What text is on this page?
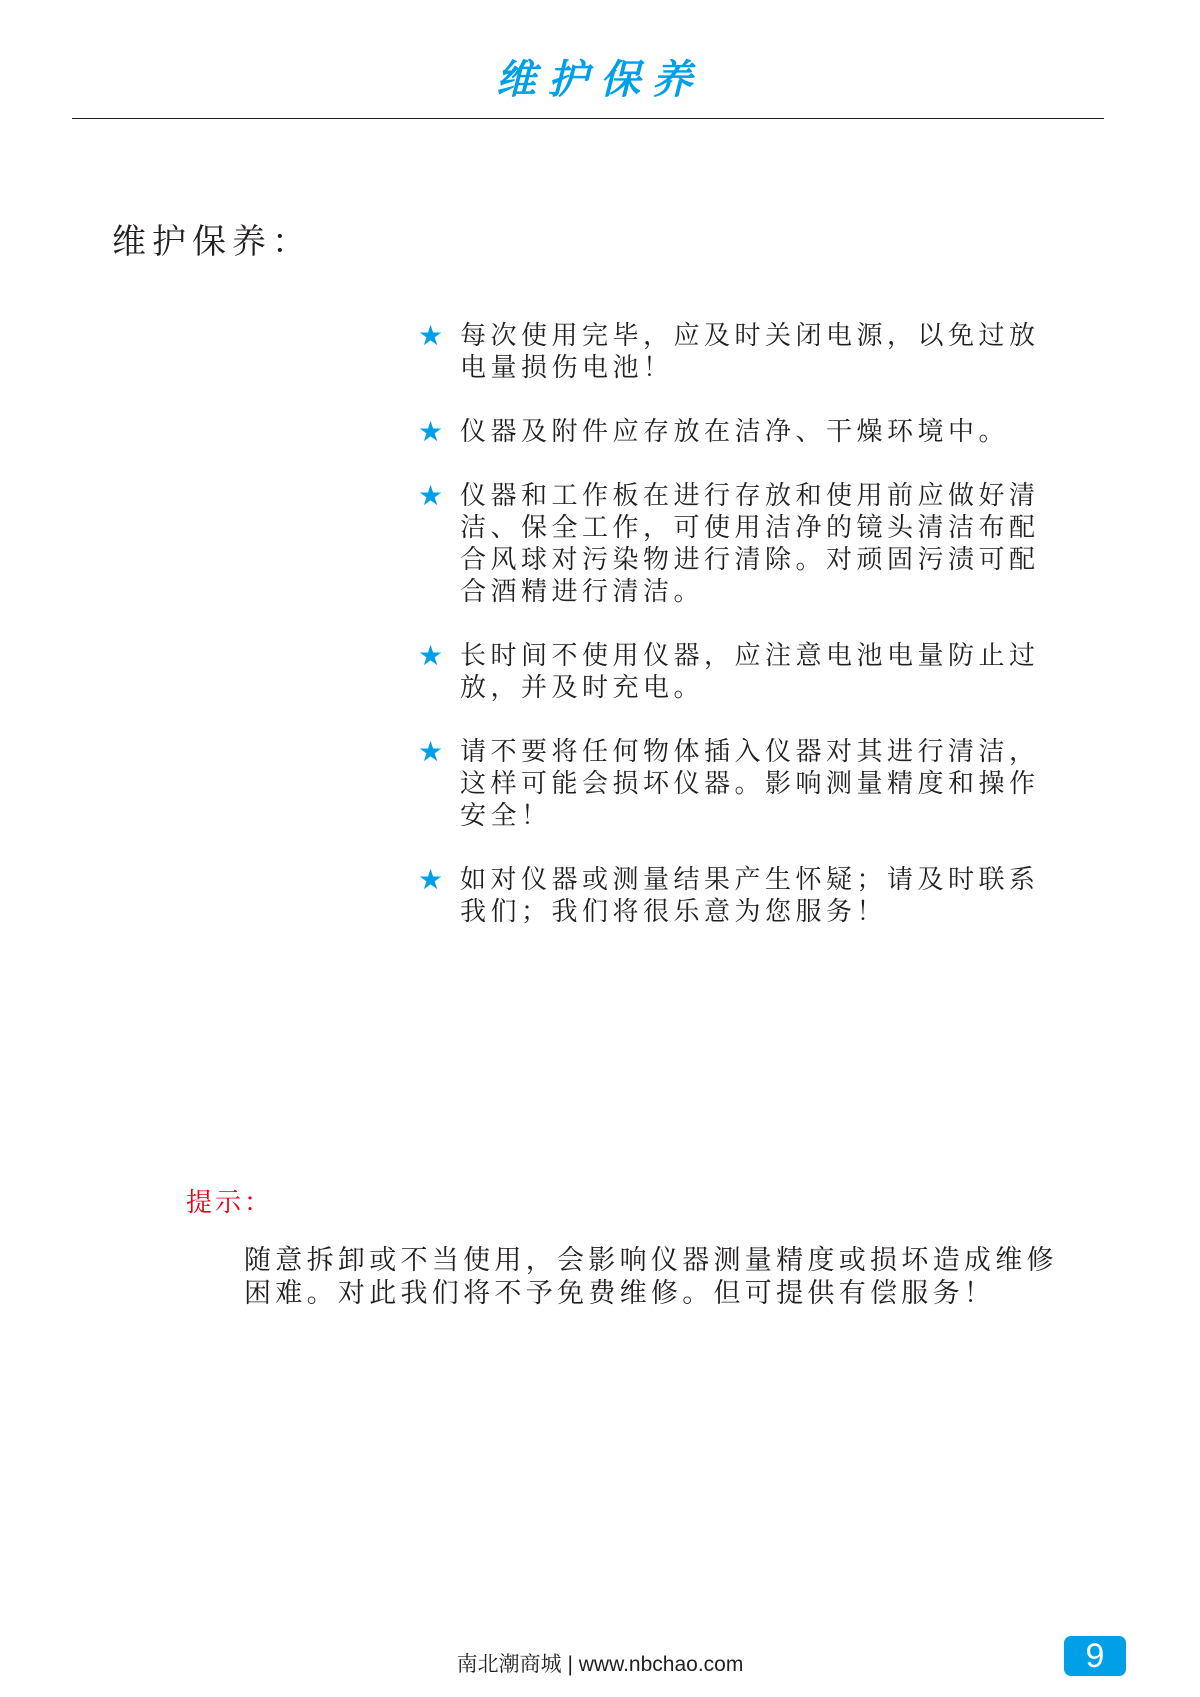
维护保养
维护保养：
★ 每次使用完毕，应及时关闭电源，以免过放电量损伤电池！
★ 仪器及附件应存放在洁净、干燥环境中。
★ 仪器和工作板在进行存放和使用前应做好清洁、保全工作，可使用洁净的镜头清洁布配合风球对污染物进行清除。对顽固污渍可配合酒精进行清洁。
★ 长时间不使用仪器，应注意电池电量防止过放，并及时充电。
★ 请不要将任何物体插入仪器对其进行清洁，这样可能会损坏仪器。影响测量精度和操作安全！
★ 如对仪器或测量结果产生怀疑；请及时联系我们；我们将很乐意为您服务！
提示：
随意拆卸或不当使用，会影响仪器测量精度或损坏造成维修困难。对此我们将不予免费维修。但可提供有偿服务！
南北潮商城 | www.nbchao.com	9
